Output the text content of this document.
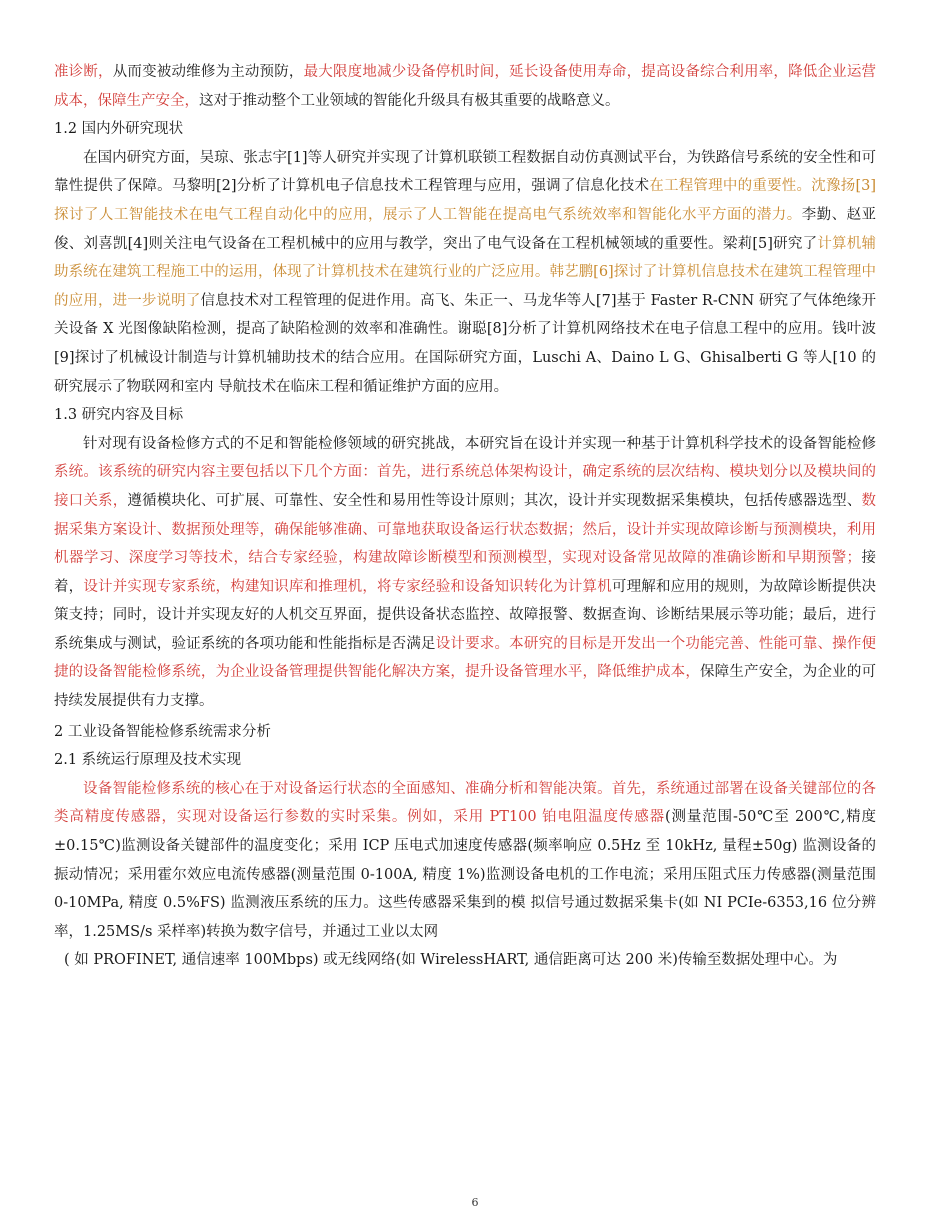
准诊断，从而变被动维修为主动预防，最大限度地减少设备停机时间，延长设备使用寿命，提高设备综合利用率，降低企业运营成本，保障生产安全，这对于推动整个工业领域的智能化升级具有极其重要的战略意义。

1.2 国内外研究现状

在国内研究方面，吴琼、张志宇[1]等人研究并实现了计算机联锁工程数据自动仿真测试平台，为铁路信号系统的安全性和可靠性提供了保障。马黎明[2]分析了计算机电子信息技术工程管理与应用，强调了信息化技术在工程管理中的重要性。沈豫扬[3]探讨了人工智能技术在电气工程自动化中的应用，展示了人工智能在提高电气系统效率和智能化水平方面的潜力。李勤、赵亚俊、刘喜凯[4]则关注电气设备在工程机械中的应用与教学，突出了电气设备在工程机械领域的重要性。梁莉[5]研究了计算机辅助系统在建筑工程施工中的运用，体现了计算机技术在建筑行业的广泛应用。韩艺鹏[6]探讨了计算机信息技术在建筑工程管理中的应用，进一步说明了信息技术对工程管理的促进作用。高飞、朱正一、马龙华等人[7]基于 Faster R-CNN 研究了气体绝缘开关设备 X 光图像缺陷检测，提高了缺陷检测的效率和准确性。谢聪[8]分析了计算机网络技术在电子信息工程中的应用。钱叶波[9]探讨了机械设计制造与计算机辅助技术的结合应用。在国际研究方面，Luschi A、Daino L G、Ghisalberti G 等人[10 的研究展示了物联网和室内 导航技术在临床工程和循证维护方面的应用。

1.3 研究内容及目标

针对现有设备检修方式的不足和智能检修领域的研究挑战，本研究旨在设计并实现一种基于计算机科学技术的设备智能检修系统。该系统的研究内容主要包括以下几个方面：首先，进行系统总体架构设计，确定系统的层次结构、模块划分以及模块间的接口关系，遵循模块化、可扩展、可靠性、安全性和易用性等设计原则；其次，设计并实现数据采集模块，包括传感器选型、数据采集方案设计、数据预处理等，确保能够准确、可靠地获取设备运行状态数据；然后，设计并实现故障诊断与预测模块，利用机器学习、深度学习等技术，结合专家经验，构建故障诊断模型和预测模型，实现对设备常见故障的准确诊断和早期预警；接着，设计并实现专家系统，构建知识库和推理机，将专家经验和设备知识转化为计算机可理解和应用的规则，为故障诊断提供决策支持；同时，设计并实现友好的人机交互界面，提供设备状态监控、故障报警、数据查询、诊断结果展示等功能；最后，进行系统集成与测试，验证系统的各项功能和性能指标是否满足设计要求。本研究的目标是开发出一个功能完善、性能可靠、操作便捷的设备智能检修系统，为企业设备管理提供智能化解决方案，提升设备管理水平，降低维护成本，保障生产安全，为企业的可持续发展提供有力支撑。

2 工业设备智能检修系统需求分析

2.1 系统运行原理及技术实现

设备智能检修系统的核心在于对设备运行状态的全面感知、准确分析和智能决策。首先，系统通过部署在设备关键部位的各类高精度传感器，实现对设备运行参数的实时采集。例如，采用 PT100 铂电阻温度传感器(测量范围-50℃至 200℃,精度±0.15℃)监测设备关键部件的温度变化；采用 ICP 压电式加速度传感器(频率响应 0.5Hz 至 10kHz, 量程±50g) 监测设备的振动情况；采用霍尔效应电流传感器(测量范围 0-100A, 精度 1%)监测设备电机的工作电流；采用压阻式压力传感器(测量范围 0-10MPa, 精度 0.5%FS) 监测液压系统的压力。这些传感器采集到的模 拟信号通过数据采集卡(如 NI PCIe-6353,16 位分辨率，1.25MS/s 采样率)转换为数字信号，并通过工业以太网

( 如 PROFINET, 通信速率 100Mbps) 或无线网络(如 WirelessHART, 通信距离可达 200 米)传输至数据处理中心。为

6
